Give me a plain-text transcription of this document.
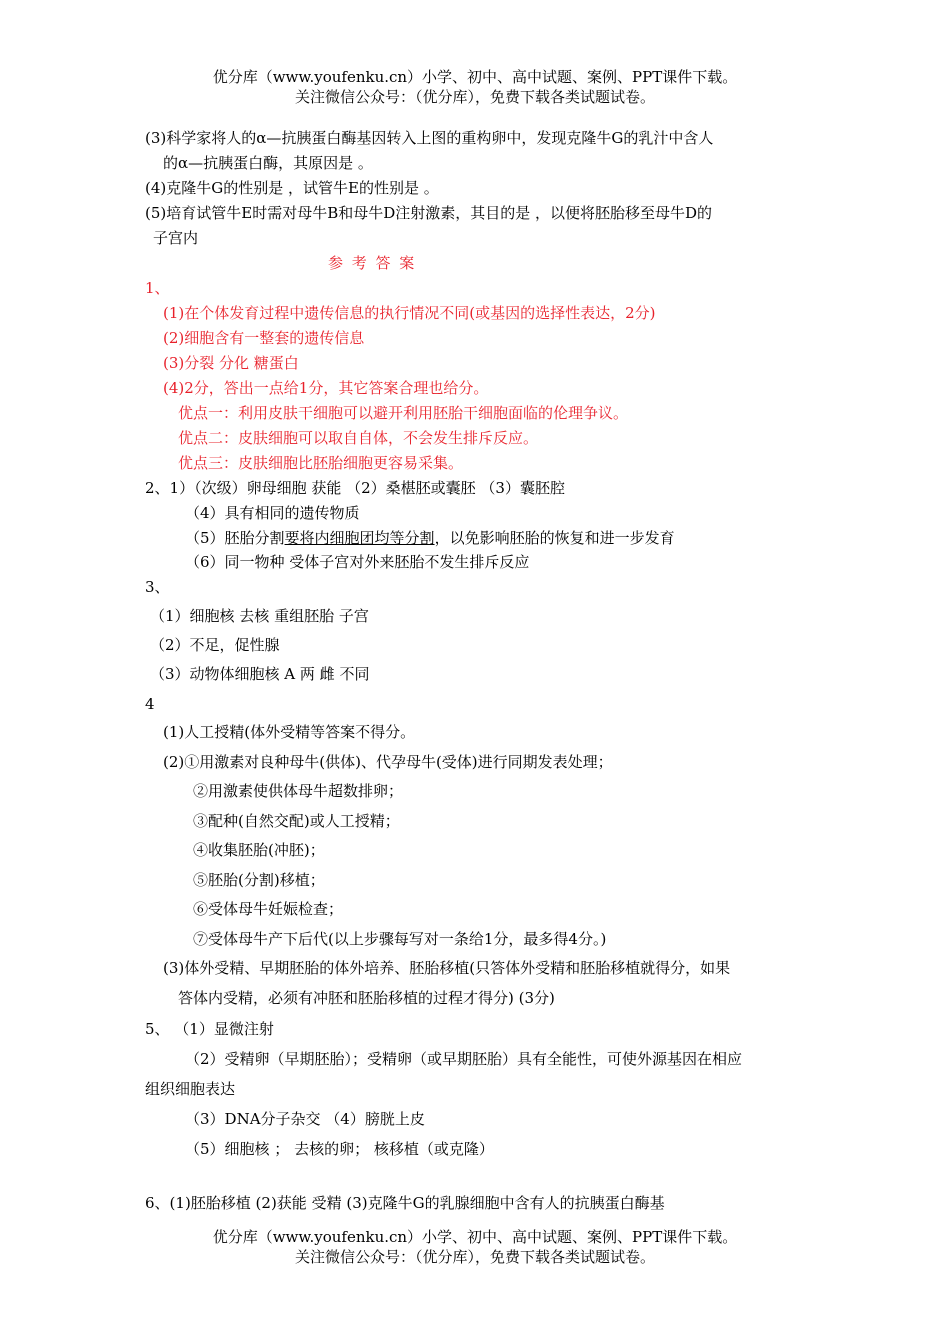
优分库（www.youfenku.cn）小学、初中、高中试题、案例、PPT课件下载。
关注微信公众号：（优分库），免费下载各类试题试卷。
(3)科学家将人的α—抗胰蛋白酶基因转入上图的重构卵中，发现克隆牛G的乳汁中含人
的α—抗胰蛋白酶，其原因是 。
(4)克隆牛G的性别是 ，试管牛E的性别是 。
(5)培育试管牛E时需对母牛B和母牛D注射激素，其目的是 ，以便将胚胎移至母牛D的
子宫内
参 考 答 案
1、
(1)在个体发育过程中遗传信息的执行情况不同(或基因的选择性表达，2分)
(2)细胞含有一整套的遗传信息
(3)分裂 分化 糖蛋白
(4)2分，答出一点给1分，其它答案合理也给分。
优点一：利用皮肤干细胞可以避开利用胚胎干细胞面临的伦理争议。
优点二：皮肤细胞可以取自自体，不会发生排斥反应。
优点三：皮肤细胞比胚胎细胞更容易采集。
2、1）（次级）卵母细胞 获能 （2）桑椹胚或囊胚 （3）囊胚腔
（4）具有相同的遗传物质
（5）胚胎分割要将内细胞团均等分割，以免影响胚胎的恢复和进一步发育
（6）同一物种 受体子宫对外来胚胎不发生排斥反应
3、
（1）细胞核 去核 重组胚胎 子宫
（2）不足，促性腺
（3）动物体细胞核 A 两 雌 不同
4
(1)人工授精(体外受精等答案不得分。
(2)①用激素对良种母牛(供体)、代孕母牛(受体)进行同期发表处理；
②用激素使供体母牛超数排卵；
③配种(自然交配)或人工授精；
④收集胚胎(冲胚)；
⑤胚胎(分割)移植；
⑥受体母牛妊娠检查；
⑦受体母牛产下后代(以上步骤每写对一条给1分，最多得4分。)
(3)体外受精、早期胚胎的体外培养、胚胎移植(只答体外受精和胚胎移植就得分，如果
答体内受精，必须有冲胚和胚胎移植的过程才得分) (3分)
5、 （1）显微注射
（2）受精卵（早期胚胎）；受精卵（或早期胚胎）具有全能性，可使外源基因在相应
组织细胞表达
（3）DNA分子杂交 （4）膀胱上皮
（5）细胞核 ； 去核的卵； 核移植（或克隆）
6、(1)胚胎移植 (2)获能 受精 (3)克隆牛G的乳腺细胞中含有人的抗胰蛋白酶基
优分库（www.youfenku.cn）小学、初中、高中试题、案例、PPT课件下载。
关注微信公众号：（优分库），免费下载各类试题试卷。
